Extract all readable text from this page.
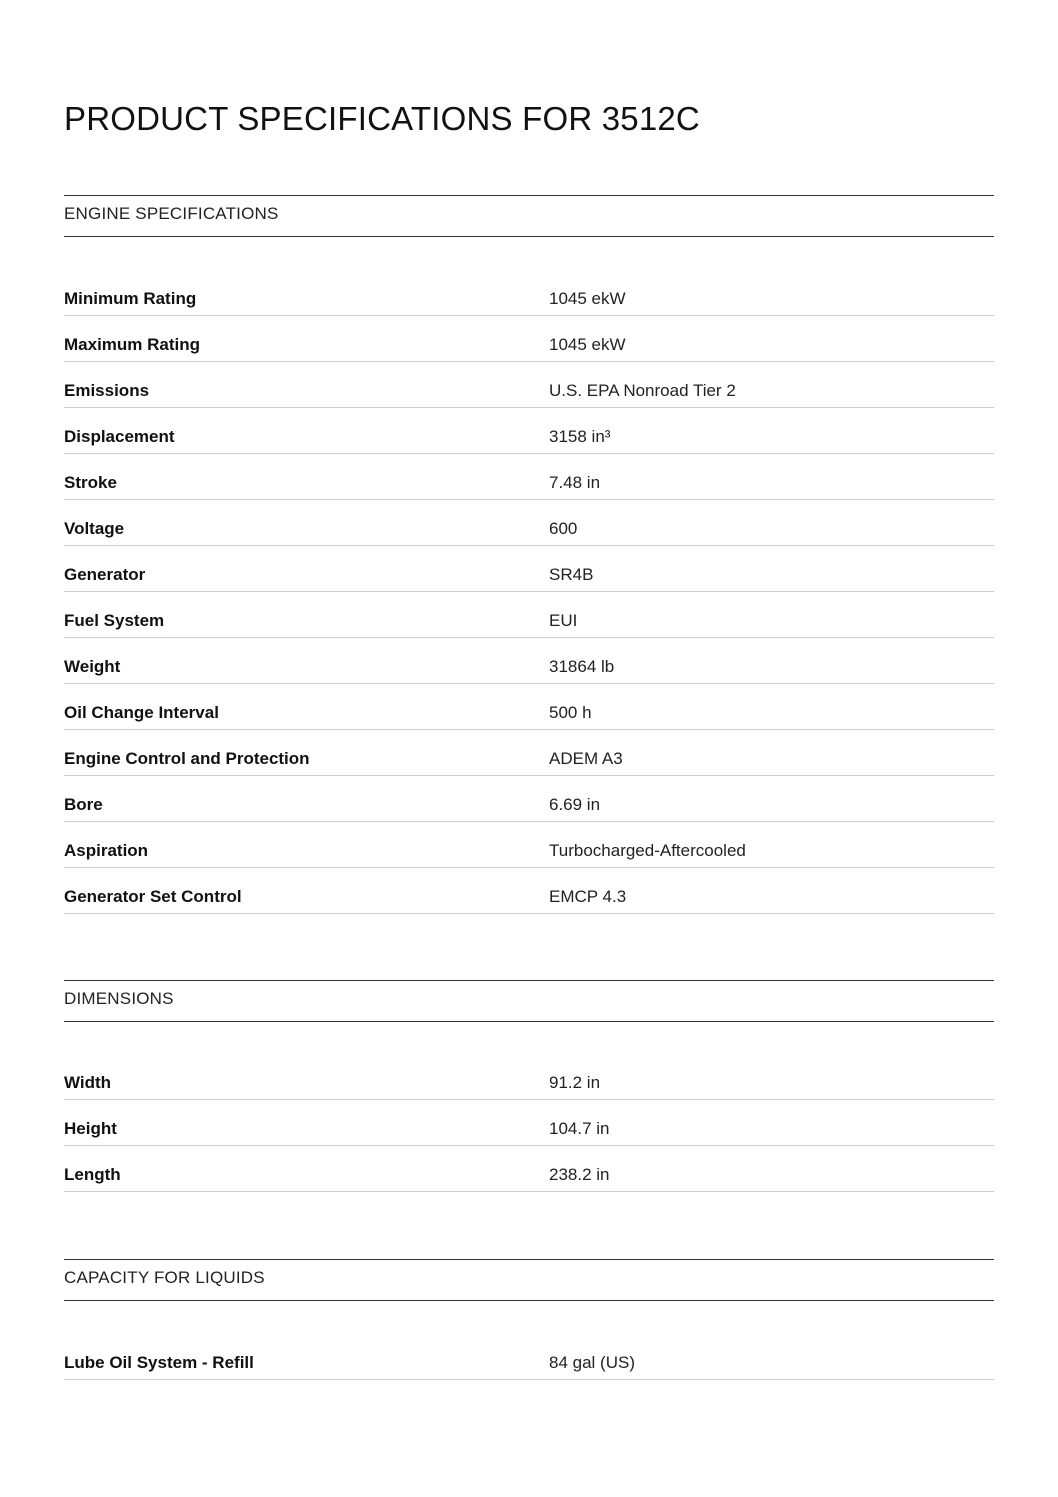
PRODUCT SPECIFICATIONS FOR 3512C
ENGINE SPECIFICATIONS
Minimum Rating	1045 ekW
Maximum Rating	1045 ekW
Emissions	U.S. EPA Nonroad Tier 2
Displacement	3158 in³
Stroke	7.48 in
Voltage	600
Generator	SR4B
Fuel System	EUI
Weight	31864 lb
Oil Change Interval	500 h
Engine Control and Protection	ADEM A3
Bore	6.69 in
Aspiration	Turbocharged-Aftercooled
Generator Set Control	EMCP 4.3
DIMENSIONS
Width	91.2 in
Height	104.7 in
Length	238.2 in
CAPACITY FOR LIQUIDS
Lube Oil System - Refill	84 gal (US)
